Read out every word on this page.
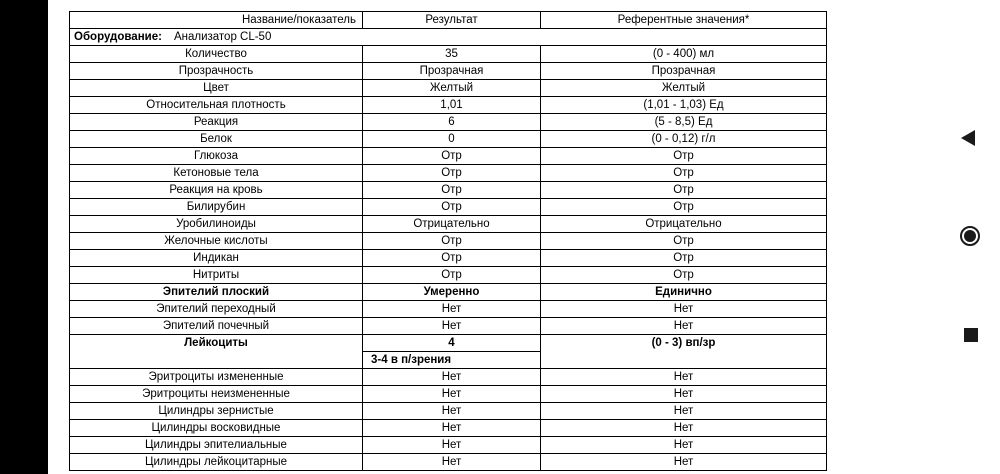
Название/показатель	Результат	Референтные значения*
Оборудование: Анализатор CL-50		
Количество	35	(0 - 400) мл
Прозрачность	Прозрачная	Прозрачная
Цвет	Желтый	Желтый
Относительная плотность	1,01	(1,01 - 1,03) Ед
Реакция	6	(5 - 8,5) Ед
Белок	0	(0 - 0,12) г/л
Глюкоза	Отр	Отр
Кетоновые тела	Отр	Отр
Реакция на кровь	Отр	Отр
Билирубин	Отр	Отр
Уробилиноиды	Отрицательно	Отрицательно
Желочные кислоты	Отр	Отр
Индикан	Отр	Отр
Нитриты	Отр	Отр
Эпителий плоский	Умеренно	Единично
Эпителий переходный	Нет	Нет
Эпителий почечный	Нет	Нет
Лейкоциты	4	(0 - 3) вп/зр
	3-4 в п/зрения	
Эритроциты измененные	Нет	Нет
Эритроциты неизмененные	Нет	Нет
Цилиндры зернистые	Нет	Нет
Цилиндры восковидные	Нет	Нет
Цилиндры эпителиальные	Нет	Нет
Цилиндры лейкоцитарные	Нет	Нет
